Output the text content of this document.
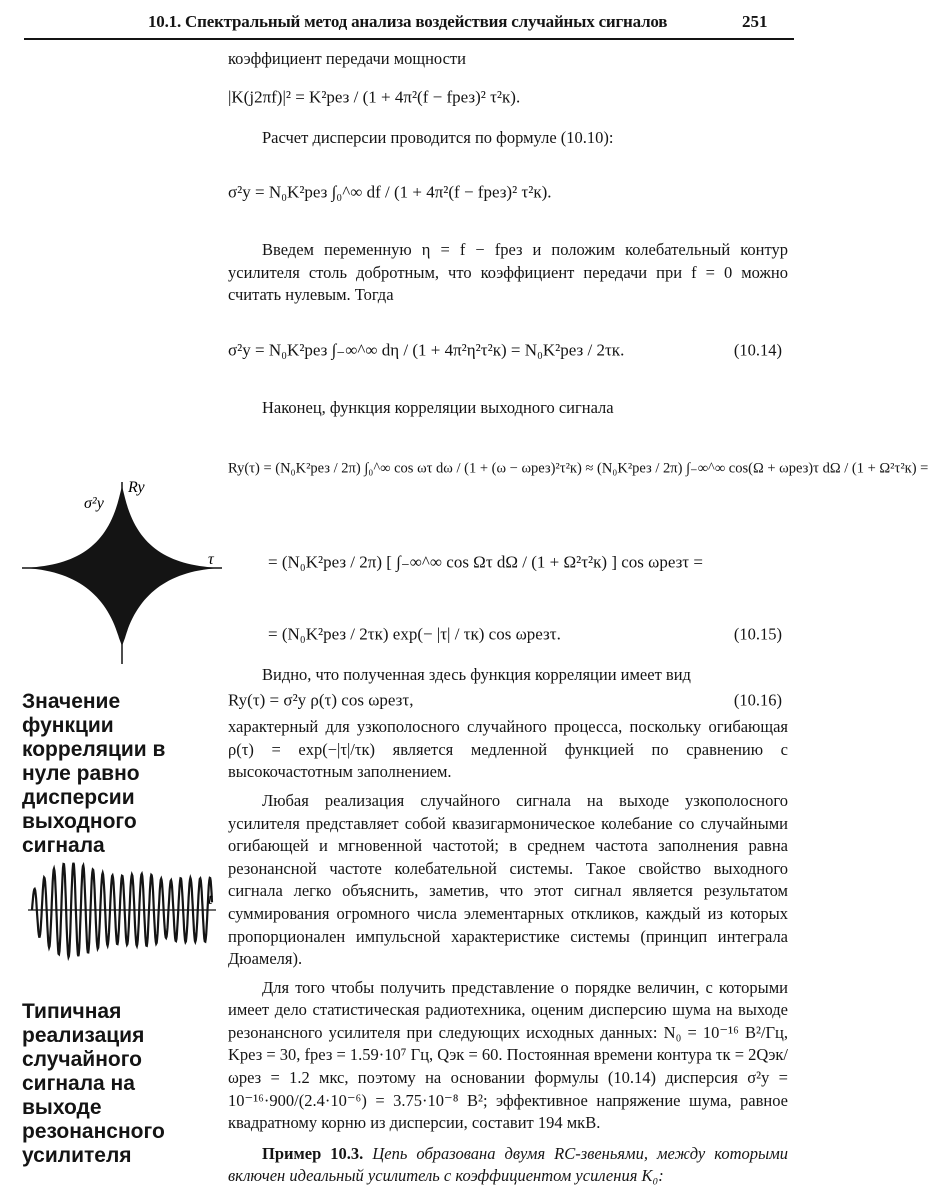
10.1. Спектральный метод анализа воздействия случайных сигналов	251

коэффициент передачи мощности

|K(j2πf)|² = K²рез / (1 + 4π²(f − fрез)² τ²к).

Расчет дисперсии проводится по формуле (10.10):

σ²y = N₀K²рез ∫₀^∞ df / (1 + 4π²(f − fрез)² τ²к).

Введем переменную η = f − fрез и положим колебательный контур усилителя столь добротным, что коэффициент передачи при f = 0 можно считать нулевым. Тогда

σ²y = N₀K²рез ∫₋∞^∞ dη / (1 + 4π²η²τ²к) = N₀K²рез / 2τк.	(10.14)

Наконец, функция корреляции выходного сигнала

Ry(τ) = (N₀K²рез / 2π) ∫₀^∞ cos ωτ dω / (1 + (ω − ωрез)²τ²к) ≈ (N₀K²рез / 2π) ∫₋∞^∞ cos(Ω + ωрез)τ dΩ / (1 + Ω²τ²к) =
= (N₀K²рез / 2π) [ ∫₋∞^∞ cos Ωτ dΩ / (1 + Ω²τ²к) ] cos ωрезτ =
= (N₀K²рез / 2τк) exp(− |τ| / τк) cos ωрезτ.	(10.15)

Видно, что полученная здесь функция корреляции имеет вид

Ry(τ) = σ²y ρ(τ) cos ωрезτ,	(10.16)

характерный для узкополосного случайного процесса, поскольку огибающая ρ(τ) = exp(−|τ|/τк) является медленной функцией по сравнению с высокочастотным заполнением.

Любая реализация случайного сигнала на выходе узкополосного усилителя представляет собой квазигармоническое колебание со случайными огибающей и мгновенной частотой; в среднем частота заполнения равна резонансной частоте колебательной системы. Такое свойство выходного сигнала легко объяснить, заметив, что этот сигнал является результатом суммирования огромного числа элементарных откликов, каждый из которых пропорционален импульсной характеристике системы (принцип интеграла Дюамеля).

Для того чтобы получить представление о порядке величин, с которыми имеет дело статистическая радиотехника, оценим дисперсию шума на выходе резонансного усилителя при следующих исходных данных: N₀ = 10⁻¹⁶ В²/Гц, Kрез = 30, fрез = 1.59·10⁷ Гц, Qэк = 60. Постоянная времени контура τк = 2Qэк/ωрез = 1.2 мкс, поэтому на основании формулы (10.14) дисперсия σ²y = 10⁻¹⁶·900/(2.4·10⁻⁶) = 3.75·10⁻⁸ В²; эффективное напряжение шума, равное квадратному корню из дисперсии, составит 194 мкВ.

Пример 10.3. Цепь образована двумя RC-звеньями, между которыми включен идеальный усилитель с коэффициентом усиления K₀:

Ry
σ²y
τ
Значение функции корреляции в нуле равно дисперсии выходного сигнала
t
Типичная реализация случайного сигнала на выходе резонансного усилителя
